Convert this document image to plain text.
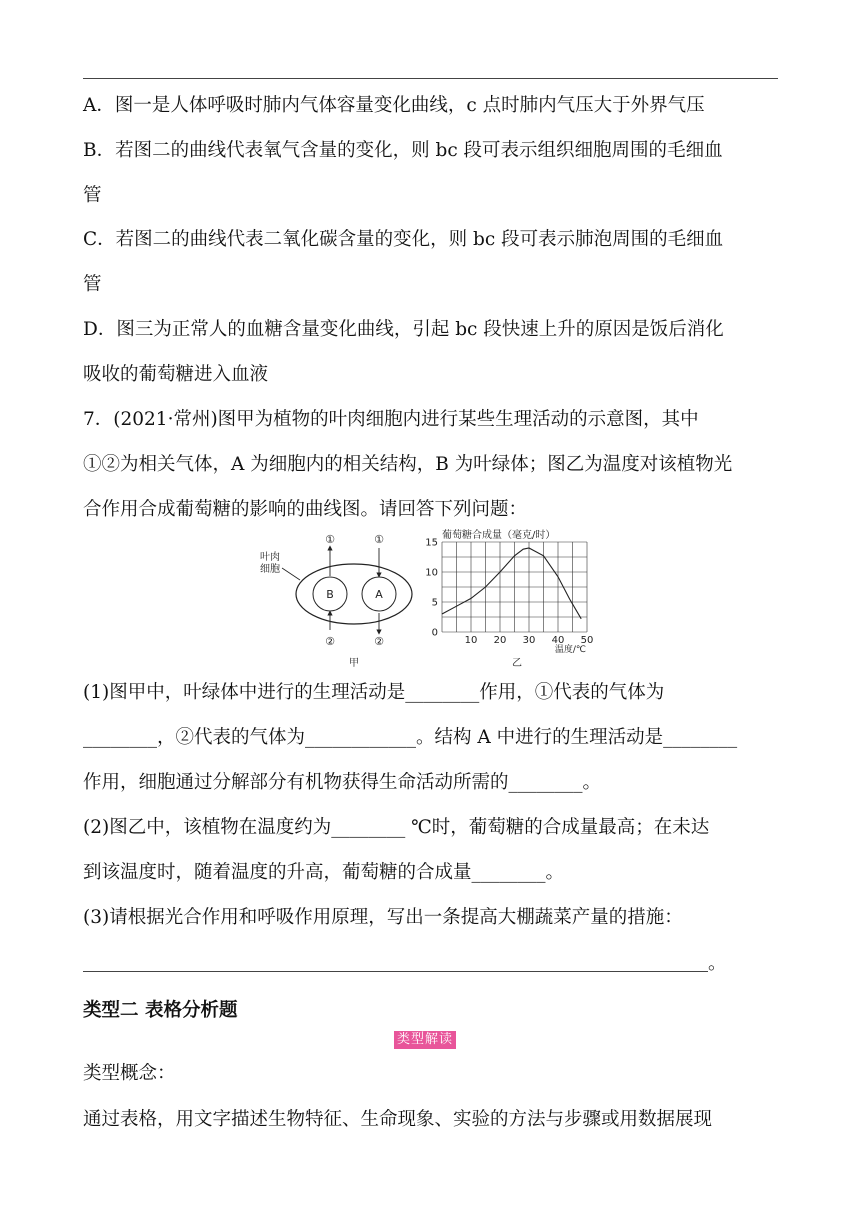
A．图一是人体呼吸时肺内气体容量变化曲线，c 点时肺内气压大于外界气压
B．若图二的曲线代表氧气含量的变化，则 bc 段可表示组织细胞周围的毛细血
管
C．若图二的曲线代表二氧化碳含量的变化，则 bc 段可表示肺泡周围的毛细血
管
D．图三为正常人的血糖含量变化曲线，引起 bc 段快速上升的原因是饭后消化
吸收的葡萄糖进入血液
7．(2021·常州)图甲为植物的叶肉细胞内进行某些生理活动的示意图，其中
①②为相关气体，A 为细胞内的相关结构，B 为叶绿体；图乙为温度对该植物光
合作用合成葡萄糖的影响的曲线图。请回答下列问题：
叶肉
细胞
B	A
①	①
②	②
甲
葡萄糖合成量（毫克/时）
10 20 30 40 50
0
5
10
15
温度/℃
乙
(1)图甲中，叶绿体中进行的生理活动是________作用，①代表的气体为
________，②代表的气体为____________。结构 A 中进行的生理活动是________
作用，细胞通过分解部分有机物获得生命活动所需的________。
(2)图乙中，该植物在温度约为________ ℃时，葡萄糖的合成量最高；在未达
到该温度时，随着温度的升高，葡萄糖的合成量________。
(3)请根据光合作用和呼吸作用原理，写出一条提高大棚蔬菜产量的措施：
。
类型二 表格分析题
类型解读
类型概念：
通过表格，用文字描述生物特征、生命现象、实验的方法与步骤或用数据展现
